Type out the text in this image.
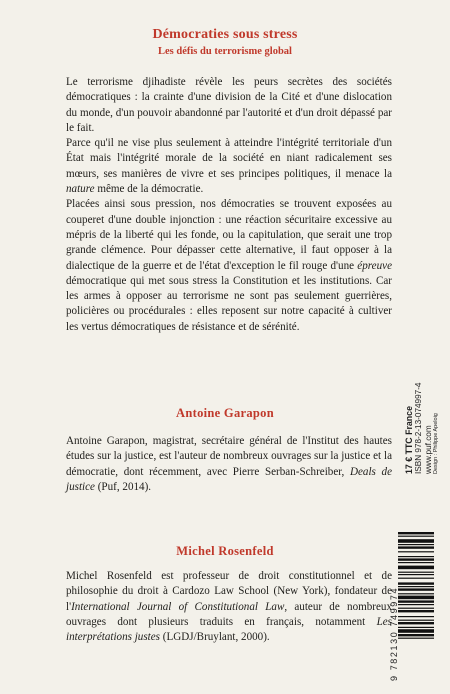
Démocraties sous stress
Les défis du terrorisme global

Le terrorisme djihadiste révèle les peurs secrètes des sociétés démocratiques : la crainte d'une division de la Cité et d'une dislocation du monde, d'un pouvoir abandonné par l'autorité et d'un droit dépassé par le fait.

Parce qu'il ne vise plus seulement à atteindre l'intégrité territoriale d'un État mais l'intégrité morale de la société en niant radicalement ses mœurs, ses manières de vivre et ses principes politiques, il menace la nature même de la démocratie.

Placées ainsi sous pression, nos démocraties se trouvent exposées au couperet d'une double injonction : une réaction sécuritaire excessive au mépris de la liberté qui les fonde, ou la capitulation, que serait une trop grande clémence. Pour dépasser cette alternative, il faut opposer à la dialectique de la guerre et de l'état d'exception le fil rouge d'une épreuve démocratique qui met sous stress la Constitution et les institutions. Car les armes à opposer au terrorisme ne sont pas seulement guerrières, policières ou procédurales : elles reposent sur notre capacité à cultiver les vertus démocratiques de résistance et de sérénité.

Antoine Garapon

Antoine Garapon, magistrat, secrétaire général de l'Institut des hautes études sur la justice, est l'auteur de nombreux ouvrages sur la justice et la démocratie, dont récemment, avec Pierre Serban-Schreiber, Deals de justice (Puf, 2014).

Michel Rosenfeld

Michel Rosenfeld est professeur de droit constitutionnel et de philosophie du droit à Cardozo Law School (New York), fondateur de l'International Journal of Constitutional Law, auteur de nombreux ouvrages dont plusieurs traduits en français, notamment Les interprétations justes (LGDJ/Bruylant, 2000).

17 € TTC France ISBN 978-2-13-074997-4 www.puf.com Design : Philippe Apeloig
9 782130 749974
